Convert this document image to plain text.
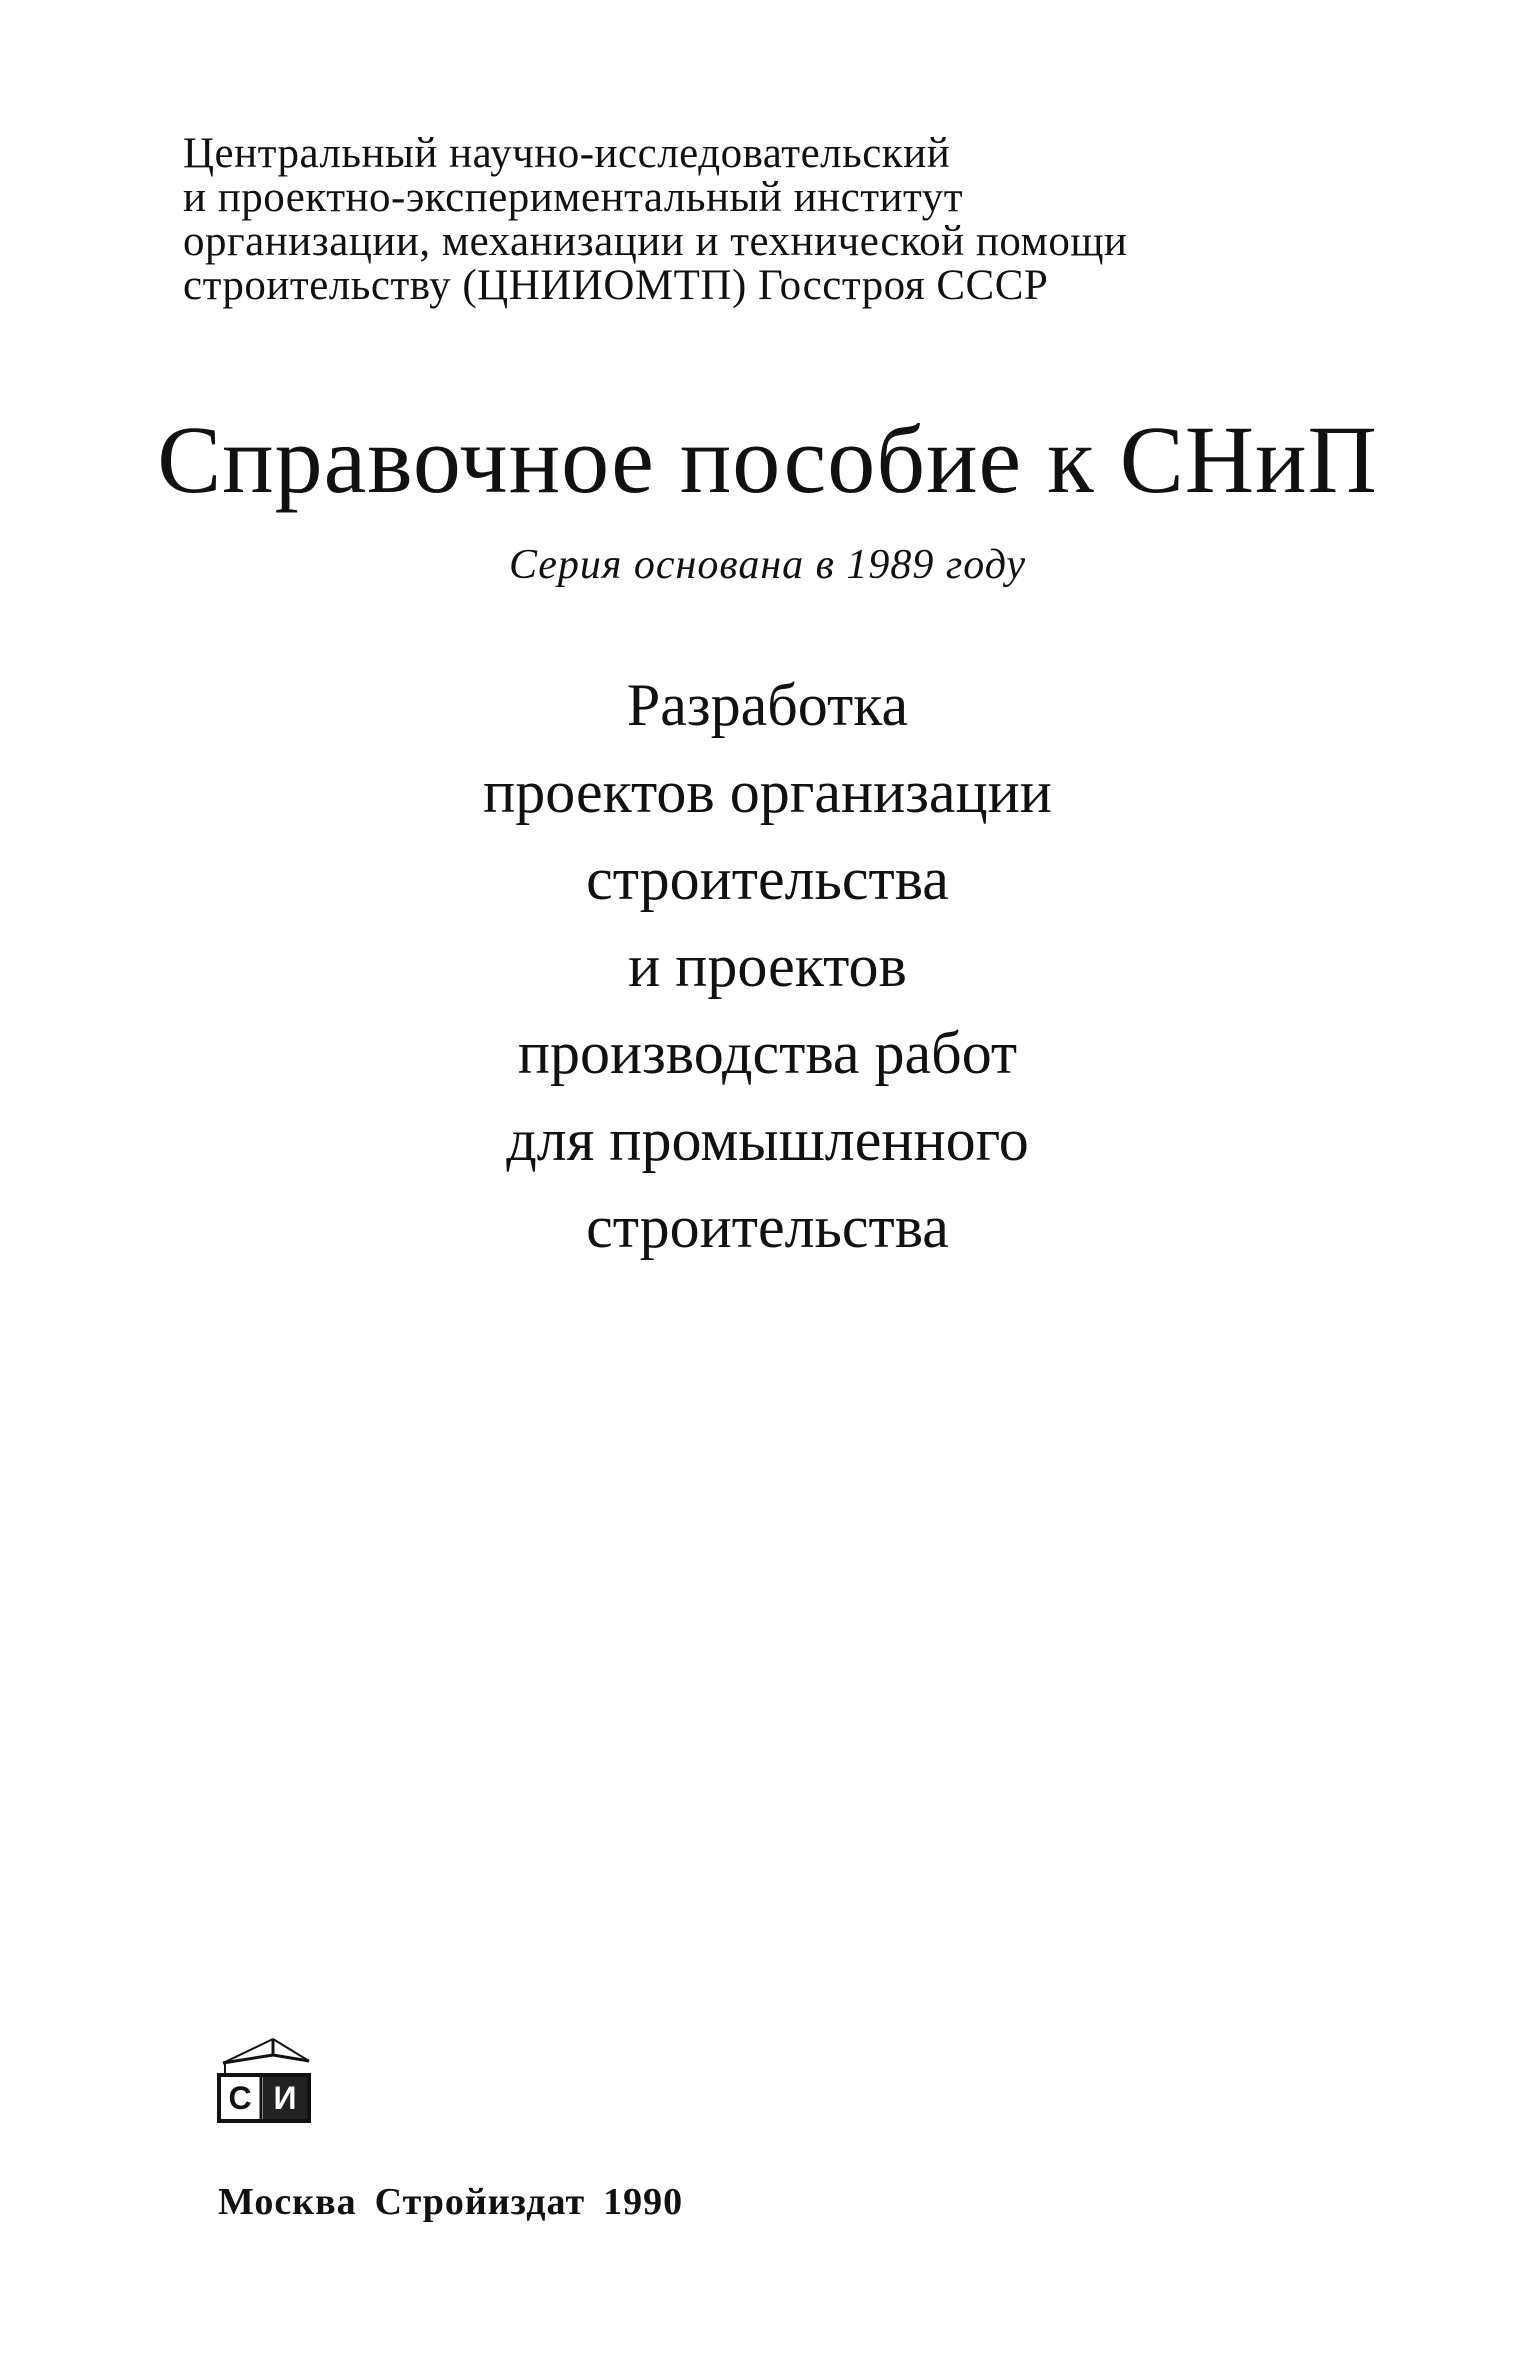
Центральный научно-исследовательский
и проектно-экспериментальный институт
организации, механизации и технической помощи
строительству (ЦНИИОМТП) Госстроя СССР
Справочное пособие к СНиП
Серия основана в 1989 году
Разработка
проектов организации
строительства
и проектов
производства работ
для промышленного
строительства
С И
Москва Стройиздат 1990
